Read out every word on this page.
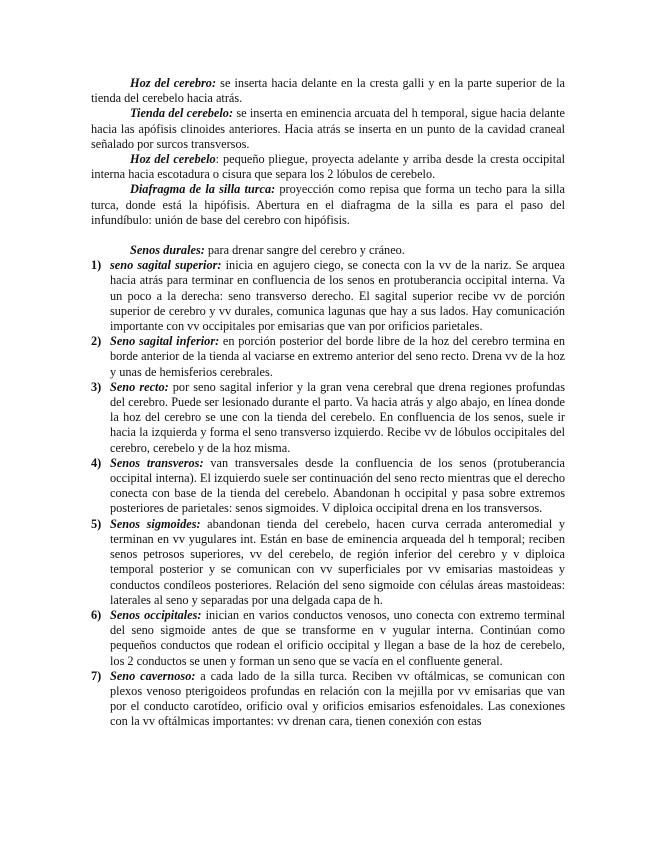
Hoz del cerebro: se inserta hacia delante en la cresta galli y en la parte superior de la tienda del cerebelo hacia atrás.

Tienda del cerebelo: se inserta en eminencia arcuata del h temporal, sigue hacia delante hacia las apófisis clinoides anteriores. Hacia atrás se inserta en un punto de la cavidad craneal señalado por surcos transversos.

Hoz del cerebelo: pequeño pliegue, proyecta adelante y arriba desde la cresta occipital interna hacia escotadura o cisura que separa los 2 lóbulos de cerebelo.

Diafragma de la silla turca: proyección como repisa que forma un techo para la silla turca, donde está la hipófisis. Abertura en el diafragma de la silla es para el paso del infundíbulo: unión de base del cerebro con hipófisis.

Senos durales: para drenar sangre del cerebro y cráneo.

1) seno sagital superior: inicia en agujero ciego, se conecta con la vv de la nariz. Se arquea hacia atrás para terminar en confluencia de los senos en protuberancia occipital interna. Va un poco a la derecha: seno transverso derecho. El sagital superior recibe vv de porción superior de cerebro y vv durales, comunica lagunas que hay a sus lados. Hay comunicación importante con vv occipitales por emisarias que van por orificios parietales.
2) Seno sagital inferior: en porción posterior del borde libre de la hoz del cerebro termina en borde anterior de la tienda al vaciarse en extremo anterior del seno recto. Drena vv de la hoz y unas de hemisferios cerebrales.
3) Seno recto: por seno sagital inferior y la gran vena cerebral que drena regiones profundas del cerebro. Puede ser lesionado durante el parto. Va hacia atrás y algo abajo, en línea donde la hoz del cerebro se une con la tienda del cerebelo. En confluencia de los senos, suele ir hacia la izquierda y forma el seno transverso izquierdo. Recibe vv de lóbulos occipitales del cerebro, cerebelo y de la hoz misma.
4) Senos transveros: van transversales desde la confluencia de los senos (protuberancia occipital interna). El izquierdo suele ser continuación del seno recto mientras que el derecho conecta con base de la tienda del cerebelo. Abandonan h occipital y pasa sobre extremos posteriores de parietales: senos sigmoides. V diploica occipital drena en los transversos.
5) Senos sigmoides: abandonan tienda del cerebelo, hacen curva cerrada anteromedial y terminan en vv yugulares int. Están en base de eminencia arqueada del h temporal; reciben senos petrosos superiores, vv del cerebelo, de región inferior del cerebro y v diploica temporal posterior y se comunican con vv superficiales por vv emisarias mastoideas y conductos condíleos posteriores. Relación del seno sigmoide con células áreas mastoideas: laterales al seno y separadas por una delgada capa de h.
6) Senos occipitales: inician en varios conductos venosos, uno conecta con extremo terminal del seno sigmoide antes de que se transforme en v yugular interna. Continúan como pequeños conductos que rodean el orificio occipital y llegan a base de la hoz de cerebelo, los 2 conductos se unen y forman un seno que se vacía en el confluente general.
7) Seno cavernoso: a cada lado de la silla turca. Reciben vv oftálmicas, se comunican con plexos venoso pterigoideos profundas en relación con la mejilla por vv emisarias que van por el conducto carotídeo, orificio oval y orificios emisarios esfenoidales. Las conexiones con la vv oftálmicas importantes: vv drenan cara, tienen conexión con estas
